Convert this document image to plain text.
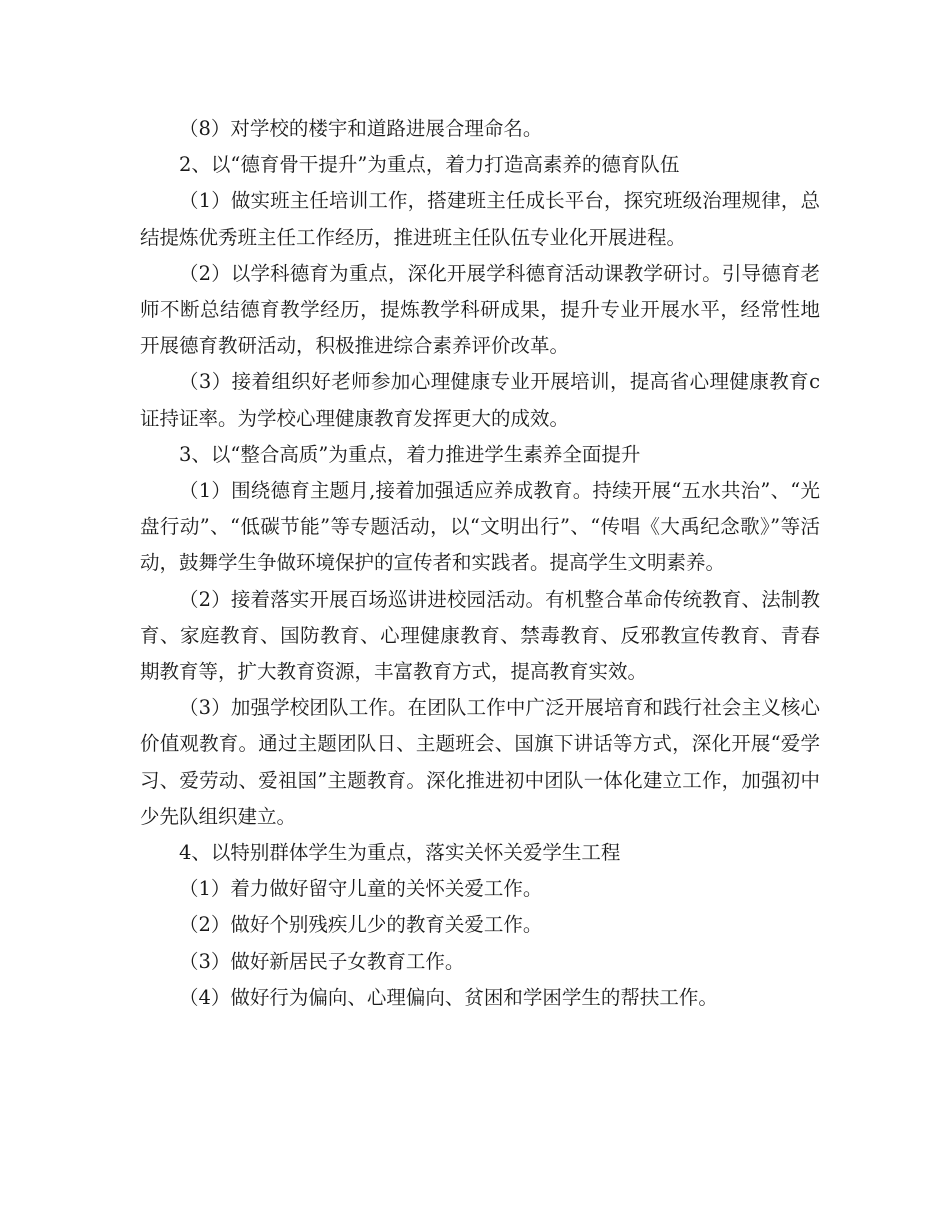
（8）对学校的楼宇和道路进展合理命名。

2、以“德育骨干提升”为重点，着力打造高素养的德育队伍

（1）做实班主任培训工作，搭建班主任成长平台，探究班级治理规律，总结提炼优秀班主任工作经历，推进班主任队伍专业化开展进程。

（2）以学科德育为重点，深化开展学科德育活动课教学研讨。引导德育老师不断总结德育教学经历，提炼教学科研成果，提升专业开展水平，经常性地开展德育教研活动，积极推进综合素养评价改革。

（3）接着组织好老师参加心理健康专业开展培训，提高省心理健康教育c证持证率。为学校心理健康教育发挥更大的成效。

3、以“整合高质”为重点，着力推进学生素养全面提升

（1）围绕德育主题月,接着加强适应养成教育。持续开展“五水共治”、“光盘行动”、“低碳节能”等专题活动，以“文明出行”、“传唱《大禹纪念歌》”等活动，鼓舞学生争做环境保护的宣传者和实践者。提高学生文明素养。

（2）接着落实开展百场巡讲进校园活动。有机整合革命传统教育、法制教育、家庭教育、国防教育、心理健康教育、禁毒教育、反邪教宣传教育、青春期教育等，扩大教育资源，丰富教育方式，提高教育实效。

（3）加强学校团队工作。在团队工作中广泛开展培育和践行社会主义核心价值观教育。通过主题团队日、主题班会、国旗下讲话等方式，深化开展“爱学习、爱劳动、爱祖国”主题教育。深化推进初中团队一体化建立工作，加强初中少先队组织建立。

4、以特别群体学生为重点，落实关怀关爱学生工程

（1）着力做好留守儿童的关怀关爱工作。

（2）做好个别残疾儿少的教育关爱工作。

（3）做好新居民子女教育工作。

（4）做好行为偏向、心理偏向、贫困和学困学生的帮扶工作。
